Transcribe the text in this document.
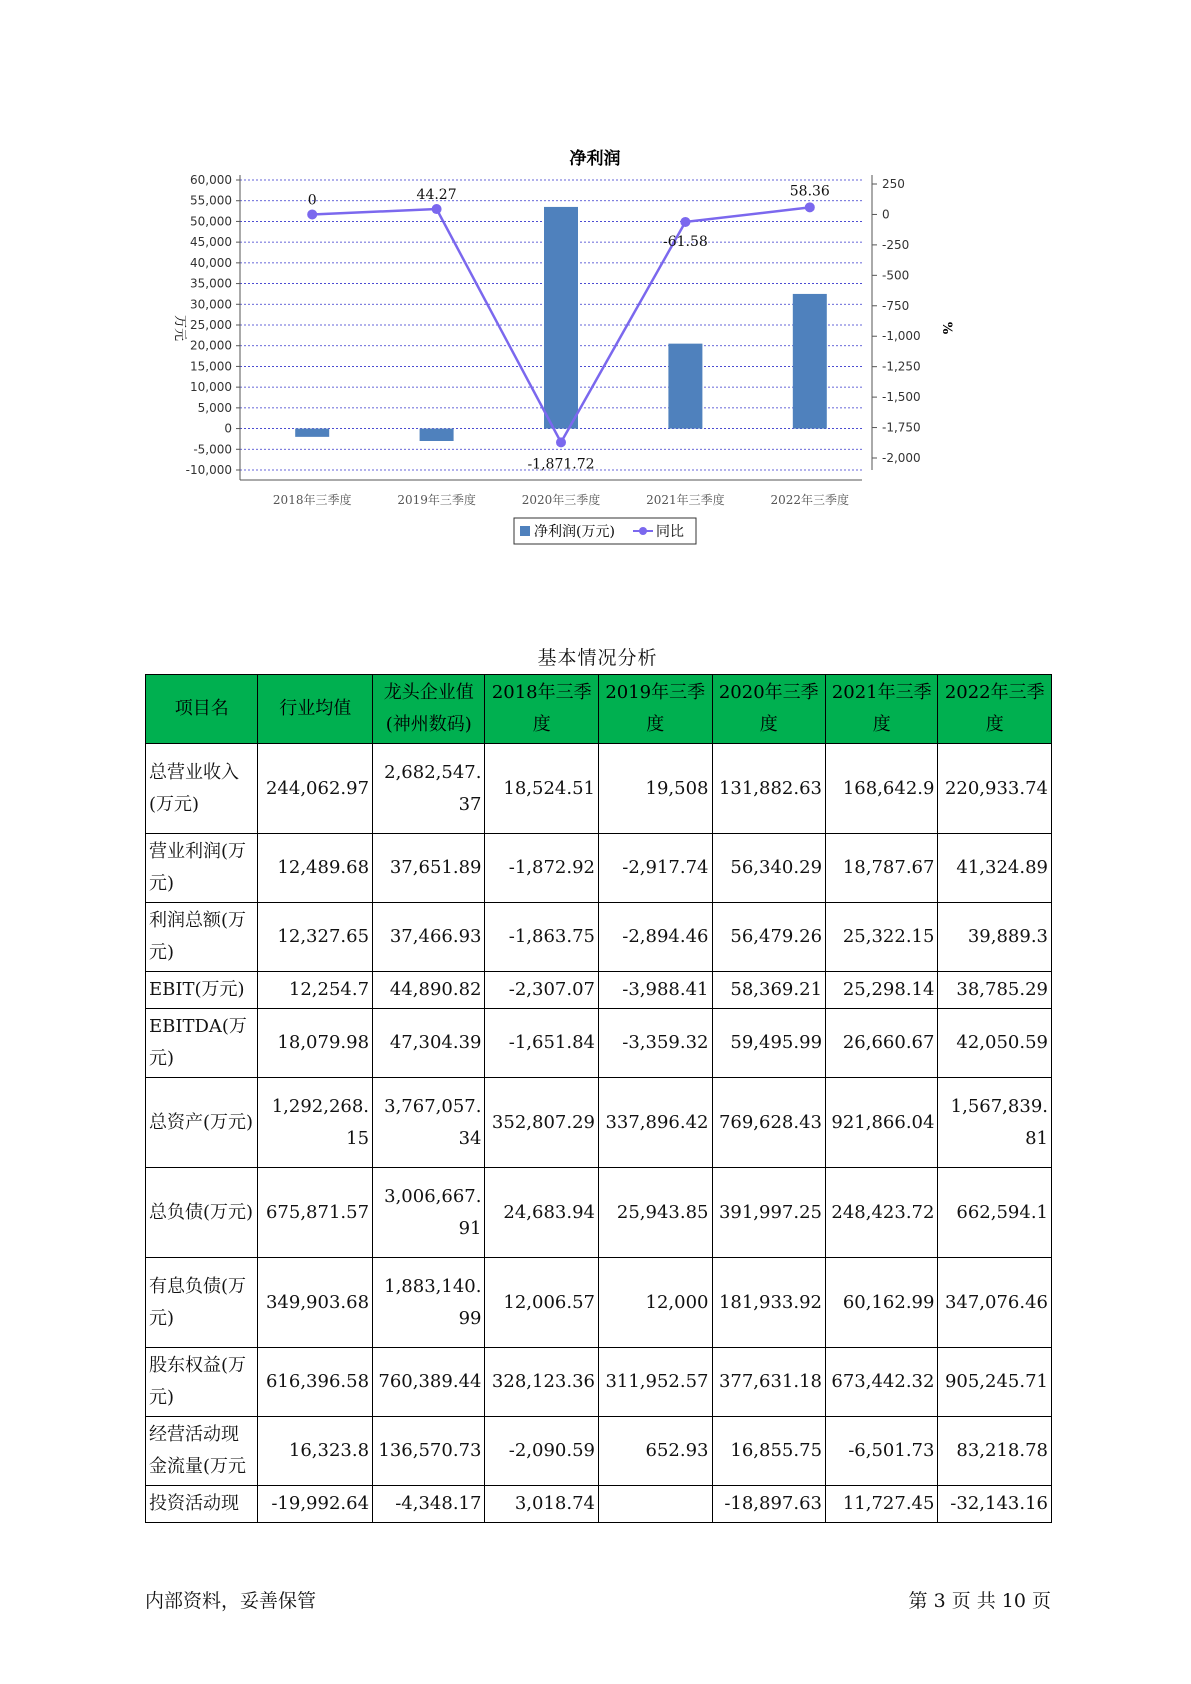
净利润
60,000
55,000
50,000
45,000
40,000
35,000
30,000
25,000
20,000
15,000
10,000
5,000
0
-5,000
-10,000
250
0
-250
-500
-750
-1,000
-1,250
-1,500
-1,750
-2,000
0	44.27
-1,871.72
-61.58
58.36
2018年三季度	2019年三季度	2020年三季度	2021年三季度	2022年三季度
万元	%
净利润(万元)	同比
基本情况分析
项目名	行业均值	龙头企业值(神州数码)	2018年三季度	2019年三季度	2020年三季度	2021年三季度	2022年三季度
总营业收入(万元)	244,062.97	2,682,547.37	18,524.51	19,508	131,882.63	168,642.9	220,933.74
营业利润(万元)	12,489.68	37,651.89	-1,872.92	-2,917.74	56,340.29	18,787.67	41,324.89
利润总额(万元)	12,327.65	37,466.93	-1,863.75	-2,894.46	56,479.26	25,322.15	39,889.3
EBIT(万元)	12,254.7	44,890.82	-2,307.07	-3,988.41	58,369.21	25,298.14	38,785.29
EBITDA(万元)	18,079.98	47,304.39	-1,651.84	-3,359.32	59,495.99	26,660.67	42,050.59
总资产(万元)	1,292,268.15	3,767,057.34	352,807.29	337,896.42	769,628.43	921,866.04	1,567,839.81
总负债(万元)	675,871.57	3,006,667.91	24,683.94	25,943.85	391,997.25	248,423.72	662,594.1
有息负债(万元)	349,903.68	1,883,140.99	12,006.57	12,000	181,933.92	60,162.99	347,076.46
股东权益(万元)	616,396.58	760,389.44	328,123.36	311,952.57	377,631.18	673,442.32	905,245.71
经营活动现金流量(万元	16,323.8	136,570.73	-2,090.59	652.93	16,855.75	-6,501.73	83,218.78
投资活动现	-19,992.64	-4,348.17	3,018.74		-18,897.63	11,727.45	-32,143.16
内部资料，妥善保管	第 3 页 共 10 页
